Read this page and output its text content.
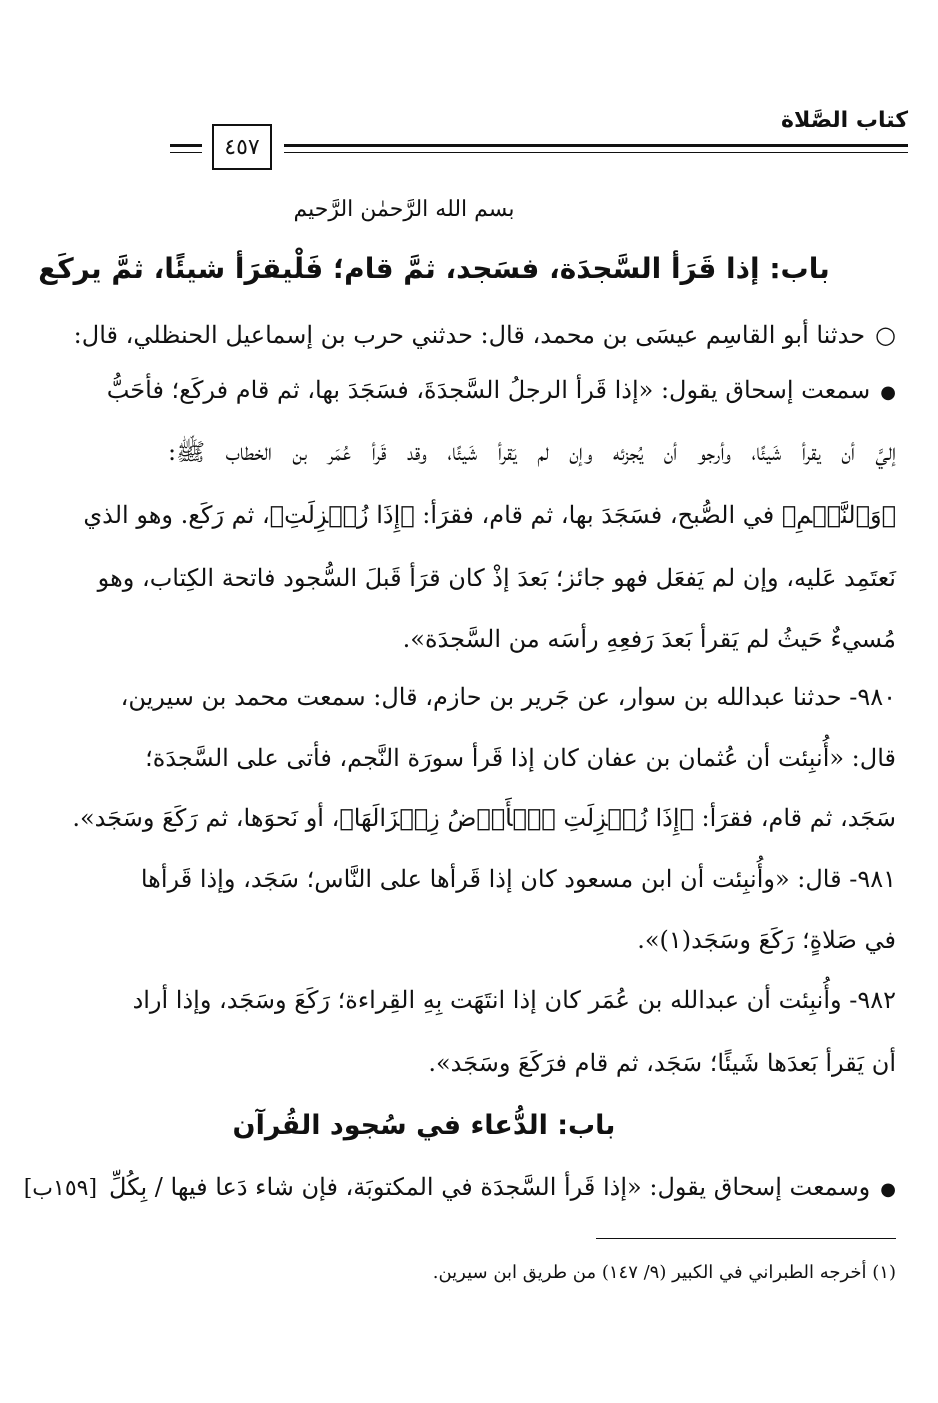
كتاب الصَّلاة
٤٥٧
بسم الله الرَّحمٰن الرَّحيم
باب: إذا قَرَأ السَّجدَة، فسَجد، ثمَّ قام؛ فَلْيقرَأ شيئًا، ثمَّ يركَع
○ حدثنا أبو القاسِم عيسَى بن محمد، قال: حدثني حرب بن إسماعيل الحنظلي، قال:
● سمعت إسحاق يقول: «إذا قَرأ الرجلُ السَّجدَةَ، فسَجَدَ بها، ثم قام فركَع؛ فأحَبُّ
إليَّ أن يقرأ شَيئًا، وأرجو أن يُجزئه وإن لم يَقرأ شَيئًا، وقد قَرأ عُمَر بن الخطاب ﷺ:
﴿وَٱلنَّجۡمِ﴾ في الصُّبح، فسَجَدَ بها، ثم قام، فقرَأ: ﴿إِذَا زُلۡزِلَتِ﴾، ثم رَكَع. وهو الذي
نَعتَمِد عَليه، وإن لم يَفعَل فهو جائز؛ بَعدَ إذْ كان قرَأ قَبلَ السُّجود فاتحة الكِتاب، وهو
مُسيءٌ حَيثُ لم يَقرأ بَعدَ رَفعِهِ رأسَه من السَّجدَة».
٩٨٠- حدثنا عبدالله بن سوار، عن جَرير بن حازم، قال: سمعت محمد بن سيرين،
قال: «أُنبِئت أن عُثمان بن عفان كان إذا قَرأ سورَة النَّجم، فأتى على السَّجدَة؛
سَجَد، ثم قام، فقرَأ: ﴿إِذَا زُلۡزِلَتِ ٱلۡأَرۡضُ زِلۡزَالَهَا﴾، أو نَحوَها، ثم رَكَعَ وسَجَد».
٩٨١- قال: «وأُنبِئت أن ابن مسعود كان إذا قَرأها على النَّاس؛ سَجَد، وإذا قَرأها
في صَلاةٍ؛ رَكَعَ وسَجَد(١)».
٩٨٢- وأُنبِئت أن عبدالله بن عُمَر كان إذا انتَهَت بِهِ القِراءة؛ رَكَعَ وسَجَد، وإذا أراد
أن يَقرأ بَعدَها شَيئًا؛ سَجَد، ثم قام فرَكَعَ وسَجَد».
باب: الدُّعاء في سُجود القُرآن
● وسمعت إسحاق يقول: «إذا قَرأ السَّجدَة في المكتوبَة، فإن شاء دَعا فيها / بِكُلِّ[١٥٩ب]
(١) أخرجه الطبراني في الكبير (٩/ ١٤٧) من طريق ابن سيرين.
